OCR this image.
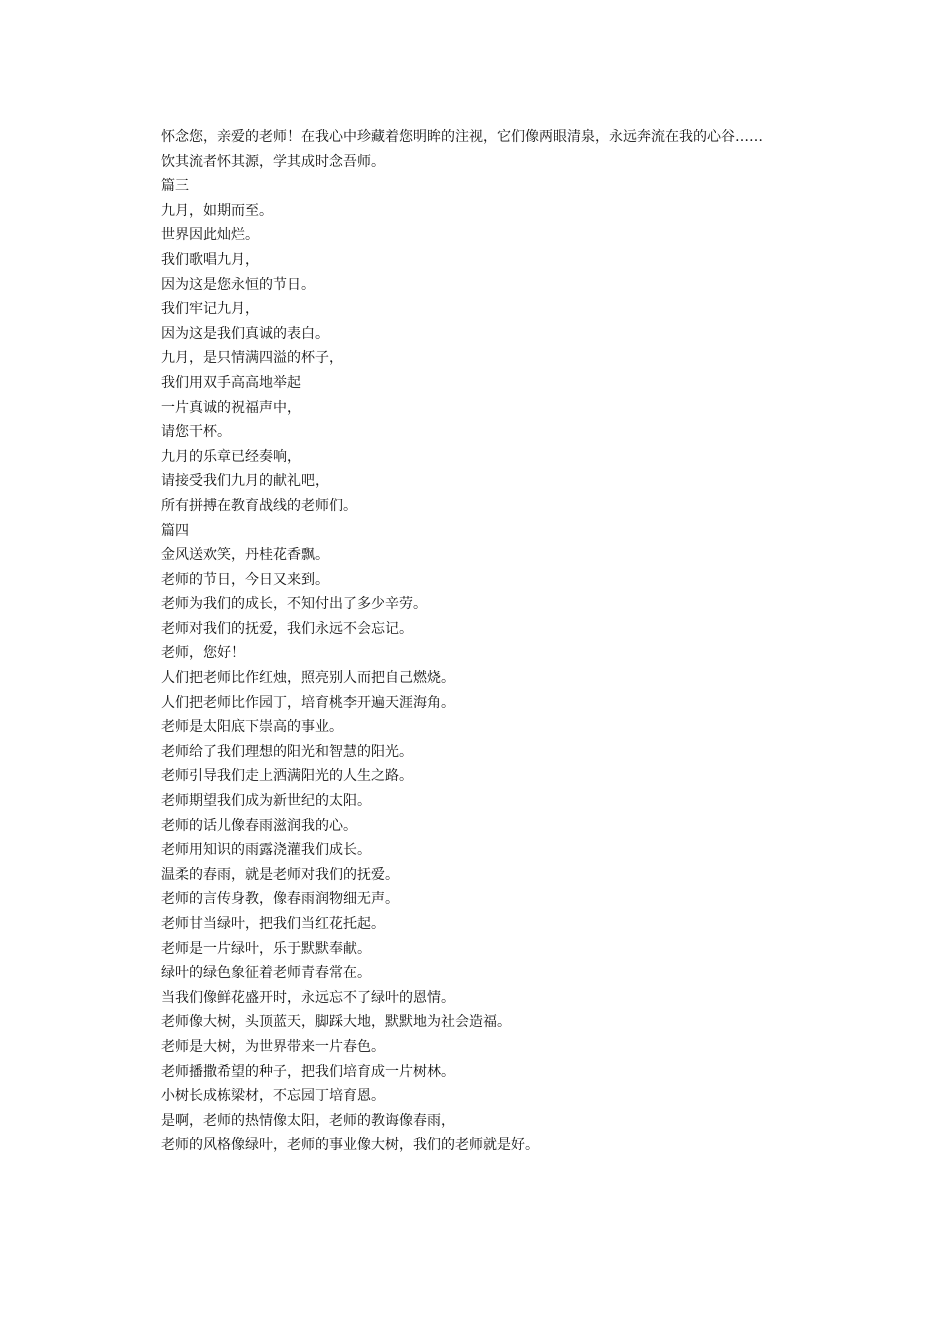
怀念您，亲爱的老师！在我心中珍藏着您明眸的注视，它们像两眼清泉，永远奔流在我的心谷……

饮其流者怀其源，学其成时念吾师。

篇三

九月，如期而至。

世界因此灿烂。

我们歌唱九月，

因为这是您永恒的节日。

我们牢记九月，

因为这是我们真诚的表白。

九月，是只情满四溢的杯子，

我们用双手高高地举起

一片真诚的祝福声中，

请您干杯。

九月的乐章已经奏响，

请接受我们九月的献礼吧，

所有拼搏在教育战线的老师们。

篇四

金风送欢笑，丹桂花香飘。

老师的节日，今日又来到。

老师为我们的成长，不知付出了多少辛劳。

老师对我们的抚爱，我们永远不会忘记。

老师，您好！

人们把老师比作红烛，照亮别人而把自己燃烧。

人们把老师比作园丁，培育桃李开遍天涯海角。

老师是太阳底下崇高的事业。

老师给了我们理想的阳光和智慧的阳光。

老师引导我们走上洒满阳光的人生之路。

老师期望我们成为新世纪的太阳。

老师的话儿像春雨滋润我的心。

老师用知识的雨露浇灌我们成长。

温柔的春雨，就是老师对我们的抚爱。

老师的言传身教，像春雨润物细无声。

老师甘当绿叶，把我们当红花托起。

老师是一片绿叶，乐于默默奉献。

绿叶的绿色象征着老师青春常在。

当我们像鲜花盛开时，永远忘不了绿叶的恩情。

老师像大树，头顶蓝天，脚踩大地，默默地为社会造福。

老师是大树，为世界带来一片春色。

老师播撒希望的种子，把我们培育成一片树林。

小树长成栋梁材，不忘园丁培育恩。

是啊，老师的热情像太阳，老师的教诲像春雨，

老师的风格像绿叶，老师的事业像大树，我们的老师就是好。
